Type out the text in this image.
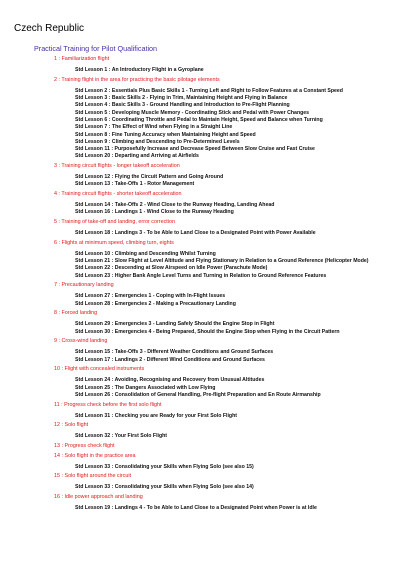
Czech Republic
Practical Training for Pilot Qualification
1 : Familiarization flight
Std Lesson 1 : An Introductory Flight in a Gyroplane
2 : Training flight in the area for practicing the basic pilotage elements
Std Lesson 2 : Essentials Plus Basic Skills 1 - Turning Left and Right to Follow Features at a Constant Speed
Std Lesson 3 : Basic Skills 2 - Flying in Trim, Maintaining Height and Flying in Balance
Std Lesson 4 : Basic Skills 3 - Ground Handling and Introduction to Pre-Flight Planning
Std Lesson 5 : Developing Muscle Memory - Coordinating Stick and Pedal with Power Changes
Std Lesson 6 : Coordinating Throttle and Pedal to Maintain Height, Speed and Balance when Turning
Std Lesson 7 : The Effect of Wind when Flying in a Straight Line
Std Lesson 8 : Fine Tuning Accuracy when Maintaining Height and Speed
Std Lesson 9 : Climbing and Descending to Pre-Determined Levels
Std Lesson 11 : Purposefully Increase and Decrease Speed Between Slow Cruise and Fast Cruise
Std Lesson 20 : Departing and Arriving at Airfields
3 : Training circuit flights - longer takeoff acceleration
Std Lesson 12 : Flying the Circuit Pattern and Going Around
Std Lesson 13 : Take-Offs 1 - Rotor Management
4 : Training circuit flights - shorter takeoff acceleration
Std Lesson 14 : Take-Offs 2 - Wind Close to the Runway Heading, Landing Ahead
Std Lesson 16 : Landings 1 - Wind Close to the Runway Heading
5 : Training of take-off and landing, error correction
Std Lesson 18 : Landings 3 - To be Able to Land Close to a Designated Point with Power Available
6 : Flights at minimum speed, climbing turn, eights
Std Lesson 10 : Climbing and Descending Whilst Turning
Std Lesson 21 : Slow Flight at Level Altitude and Flying Stationary in Relation to a Ground Reference (Helicopter Mode)
Std Lesson 22 : Descending at Slow Airspeed on Idle Power (Parachute Mode)
Std Lesson 23 : Higher Bank Angle Level Turns and Turning in Relation to Ground Reference Features
7 : Precautionary landing
Std Lesson 27 : Emergencies 1 - Coping with In-Flight Issues
Std Lesson 28 : Emergencies 2 - Making a Precautionary Landing
8 : Forced landing
Std Lesson 29 : Emergencies 3 - Landing Safely Should the Engine Stop in Flight
Std Lesson 30 : Emergencies 4 - Being Prepared, Should the Engine Stop when Flying in the Circuit Pattern
9 : Cross-wind landing
Std Lesson 15 : Take-Offs 3 - Different Weather Conditions and Ground Surfaces
Std Lesson 17 : Landings 2 - Different Wind Conditions and Ground Surfaces
10 : Flight with concealed instruments
Std Lesson 24 : Avoiding, Recognising and Recovery from Unusual Altitudes
Std Lesson 25 : The Dangers Associated with Low Flying
Std Lesson 26 : Consolidation of General Handling, Pre-flight Preparation and En Route Airmanship
11 : Progress check before the first solo flight
Std Lesson 31 : Checking you are Ready for your First Solo Flight
12 : Solo flight
Std Lesson 32 : Your First Solo Flight
13 : Progress check flight
14 : Solo flight in the practice area
Std Lesson 33 : Consolidating your Skills when Flying Solo (see also 15)
15 : Solo flight around the circuit
Std Lesson 33 : Consolidating your Skills when Flying Solo (see also 14)
16 : Idle power approach and landing
Std Lesson 19 : Landings 4 - To be Able to Land Close to a Designated Point when Power is at Idle
